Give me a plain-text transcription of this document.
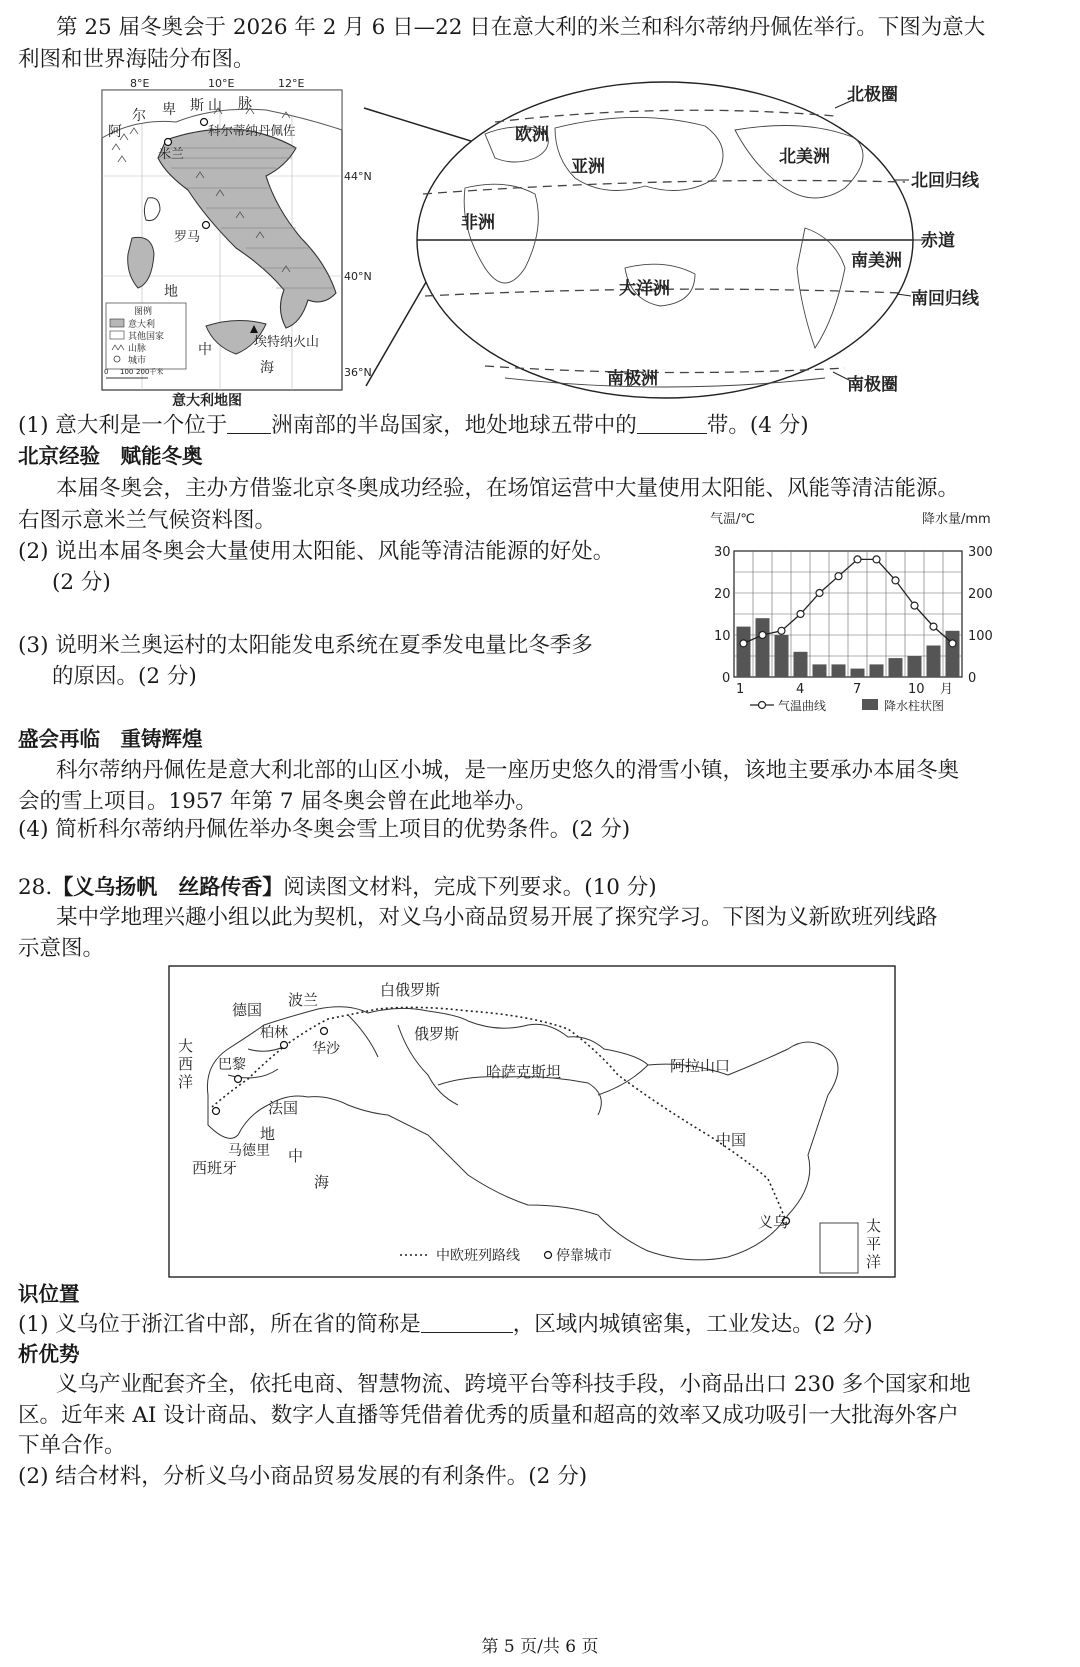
第 25 届冬奥会于 2026 年 2 月 6 日—22 日在意大利的米兰和科尔蒂纳丹佩佐举行。下图为意大
利图和世界海陆分布图。
8°E	10°E	12°E
44°N
40°N
36°N
阿
尔 卑 斯 山 脉
科尔蒂纳丹佩佐
米兰
罗马
埃特纳火山
地
中
海
图例
意大利
其他国家
山脉
城市
0 100 200千米
意大利地图
北极圈
北回归线
赤道
南回归线
南极圈
欧洲
亚洲	北美洲
非洲
南美洲
大洋洲
南极洲
(1) 意大利是一个位于 洲南部的半岛国家，地处地球五带中的	带。(4 分)
北京经验　赋能冬奥
本届冬奥会，主办方借鉴北京冬奥成功经验，在场馆运营中大量使用太阳能、风能等清洁能源。
右图示意米兰气候资料图。
(2) 说出本届冬奥会大量使用太阳能、风能等清洁能源的好处。
(2 分)
(3) 说明米兰奥运村的太阳能发电系统在夏季发电量比冬季多
的原因。(2 分)
气温/℃	降水量/mm
30
20
10
0
300
200
100
0
1	4	7	10 月
气温曲线	降水柱状图
盛会再临　重铸辉煌
科尔蒂纳丹佩佐是意大利北部的山区小城，是一座历史悠久的滑雪小镇，该地主要承办本届冬奥
会的雪上项目。1957 年第 7 届冬奥会曾在此地举办。
(4) 简析科尔蒂纳丹佩佐举办冬奥会雪上项目的优势条件。(2 分)
28.【义乌扬帆　丝路传香】阅读图文材料，完成下列要求。(10 分)
某中学地理兴趣小组以此为契机，对义乌小商品贸易开展了探究学习。下图为义新欧班列线路
示意图。
德国
波兰
白俄罗斯
柏林
华沙
俄罗斯
巴黎	哈萨克斯坦	阿拉山口
法国
马德里
西班牙
中国
义乌
大
西
洋
地
中
海
太
平
洋
中欧班列路线	停靠城市
识位置
(1) 义乌位于浙江省中部，所在省的简称是	，区域内城镇密集，工业发达。(2 分)
析优势
义乌产业配套齐全，依托电商、智慧物流、跨境平台等科技手段，小商品出口 230 多个国家和地
区。近年来 AI 设计商品、数字人直播等凭借着优秀的质量和超高的效率又成功吸引一大批海外客户
下单合作。
(2) 结合材料，分析义乌小商品贸易发展的有利条件。(2 分)
第 5 页/共 6 页
